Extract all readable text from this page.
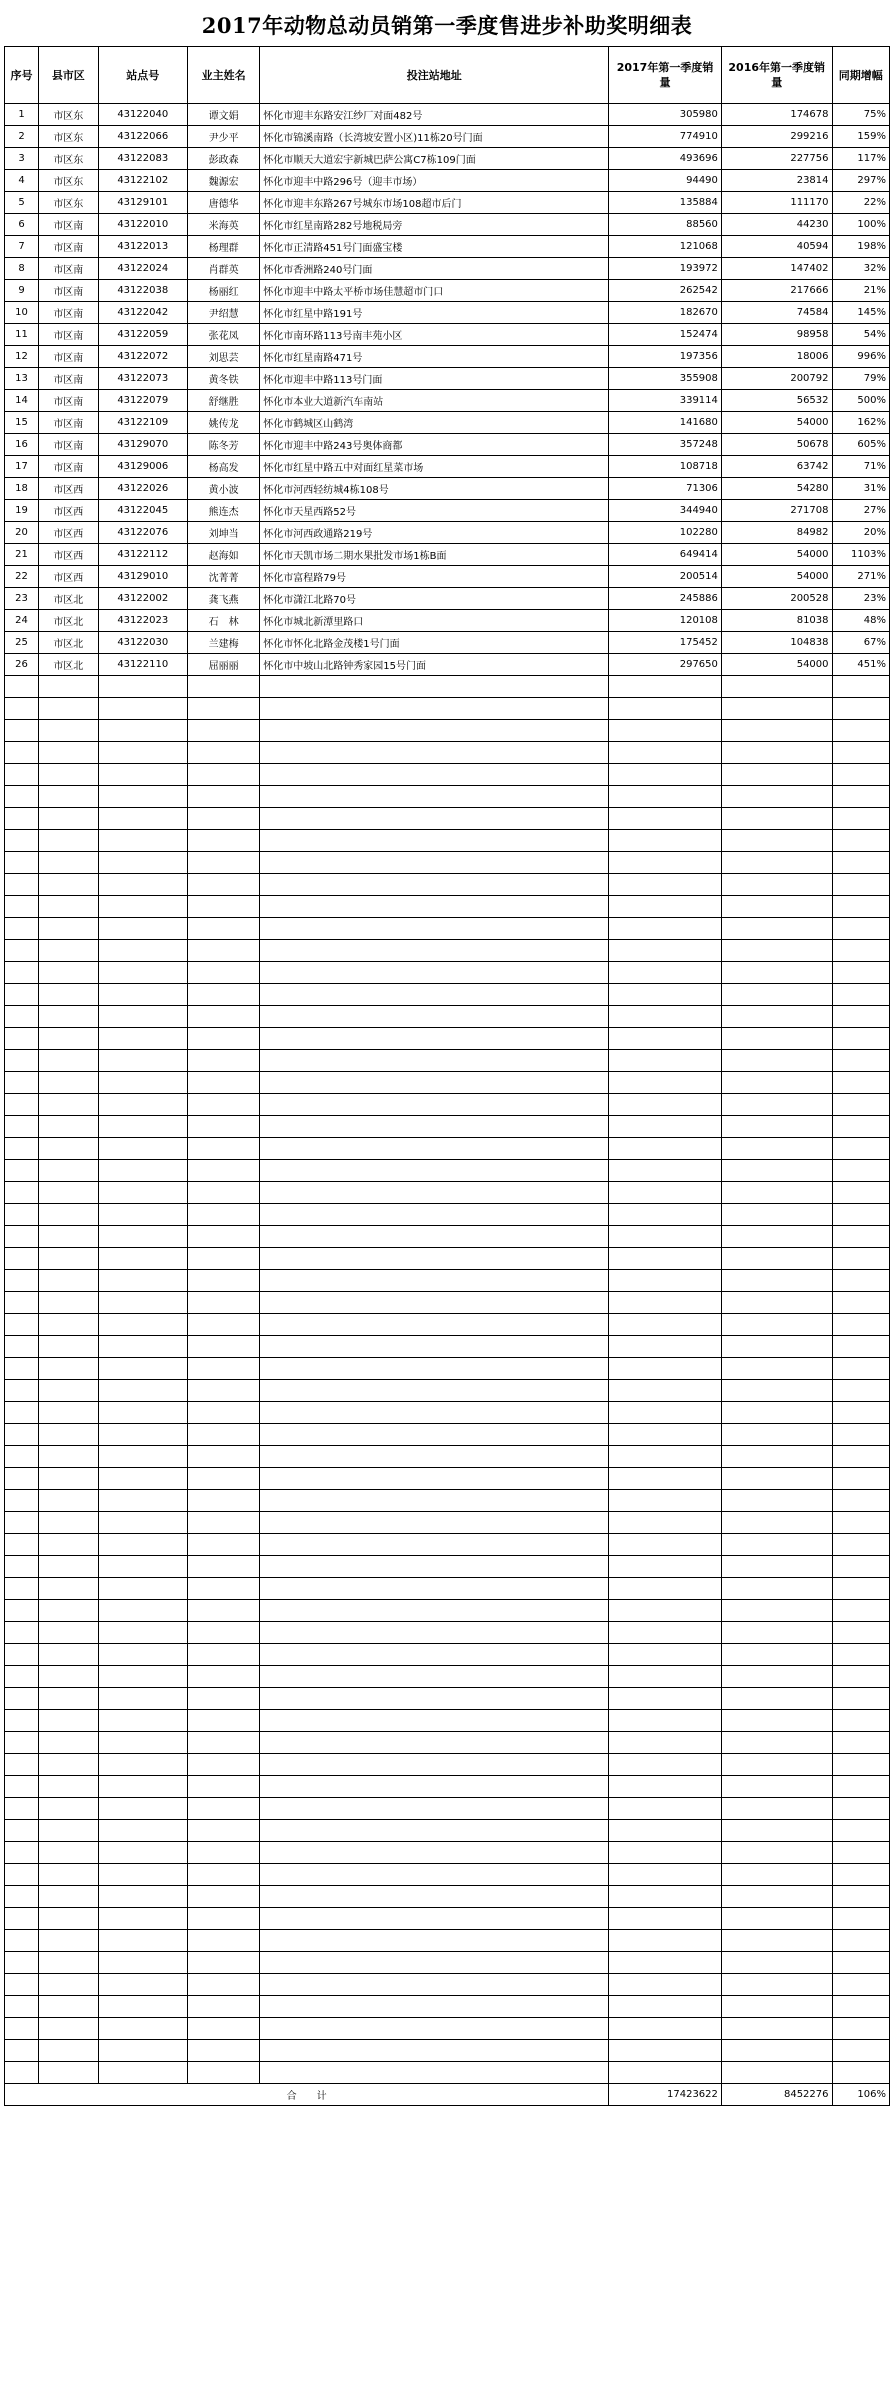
2017年动物总动员销第一季度售进步补助奖明细表
序号	县市区	站点号	业主姓名	投注站地址	2017年第一季度销量	2016年第一季度销量	同期增幅
1	市区东	43122040	谭文娟	怀化市迎丰东路安江纱厂对面482号	305980	174678	75%
2	市区东	43122066	尹少平	怀化市锦溪南路（长湾坡安置小区)11栋20号门面	774910	299216	159%
3	市区东	43122083	彭政森	怀化市顺天大道宏宇新城巴萨公寓C7栋109门面	493696	227756	117%
4	市区东	43122102	魏源宏	怀化市迎丰中路296号（迎丰市场）	94490	23814	297%
5	市区东	43129101	唐德华	怀化市迎丰东路267号城东市场108超市后门	135884	111170	22%
6	市区南	43122010	米海英	怀化市红星南路282号地税局旁	88560	44230	100%
7	市区南	43122013	杨理群	怀化市正清路451号门面盛宝楼	121068	40594	198%
8	市区南	43122024	肖群英	怀化市香洲路240号门面	193972	147402	32%
9	市区南	43122038	杨丽红	怀化市迎丰中路太平桥市场佳慧超市门口	262542	217666	21%
10	市区南	43122042	尹绍慧	怀化市红星中路191号	182670	74584	145%
11	市区南	43122059	张花凤	怀化市南环路113号南丰苑小区	152474	98958	54%
12	市区南	43122072	刘思芸	怀化市红星南路471号	197356	18006	996%
13	市区南	43122073	黄冬铁	怀化市迎丰中路113号门面	355908	200792	79%
14	市区南	43122079	舒继胜	怀化市本业大道新汽车南站	339114	56532	500%
15	市区南	43122109	姚传龙	怀化市鹤城区山鹤湾	141680	54000	162%
16	市区南	43129070	陈冬芳	怀化市迎丰中路243号奥体商都	357248	50678	605%
17	市区南	43129006	杨高发	怀化市红星中路五中对面红星菜市场	108718	63742	71%
18	市区西	43122026	黄小波	怀化市河西轻纺城4栋108号	71306	54280	31%
19	市区西	43122045	熊连杰	怀化市天星西路52号	344940	271708	27%
20	市区西	43122076	刘坤当	怀化市河西政通路219号	102280	84982	20%
21	市区西	43122112	赵海如	怀化市天凯市场二期水果批发市场1栋B面	649414	54000	1103%
22	市区西	43129010	沈菁菁	怀化市富程路79号	200514	54000	271%
23	市区北	43122002	龚飞燕	怀化市潇江北路70号	245886	200528	23%
24	市区北	43122023	石　林	怀化市城北新潭里路口	120108	81038	48%
25	市区北	43122030	兰建梅	怀化市怀化北路金茂楼1号门面	175452	104838	67%
26	市区北	43122110	屈丽丽	怀化市中坡山北路钟秀家园15号门面	297650	54000	451%

合　　计					17423622	8452276	106%
